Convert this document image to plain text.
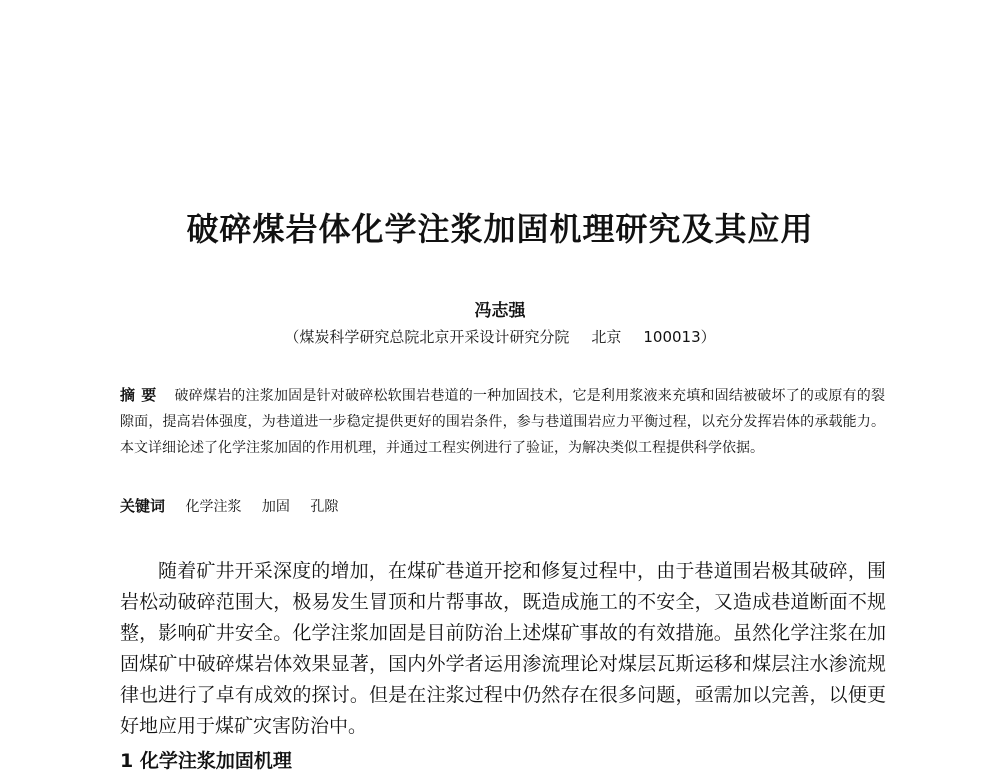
破碎煤岩体化学注浆加固机理研究及其应用
冯志强
（煤炭科学研究总院北京开采设计研究分院 北京 100013）
摘要 破碎煤岩的注浆加固是针对破碎松软围岩巷道的一种加固技术，它是利用浆液来充填和固结被破坏了的或原有的裂隙面，提高岩体强度，为巷道进一步稳定提供更好的围岩条件，参与巷道围岩应力平衡过程，以充分发挥岩体的承载能力。本文详细论述了化学注浆加固的作用机理，并通过工程实例进行了验证，为解决类似工程提供科学依据。
关键词 化学注浆 加固 孔隙
随着矿井开采深度的增加，在煤矿巷道开挖和修复过程中，由于巷道围岩极其破碎，围岩松动破碎范围大，极易发生冒顶和片帮事故，既造成施工的不安全，又造成巷道断面不规整，影响矿井安全。化学注浆加固是目前防治上述煤矿事故的有效措施。虽然化学注浆在加固煤矿中破碎煤岩体效果显著，国内外学者运用渗流理论对煤层瓦斯运移和煤层注水渗流规律也进行了卓有成效的探讨。但是在注浆过程中仍然存在很多问题，亟需加以完善，以便更好地应用于煤矿灾害防治中。
1 化学注浆加固机理
